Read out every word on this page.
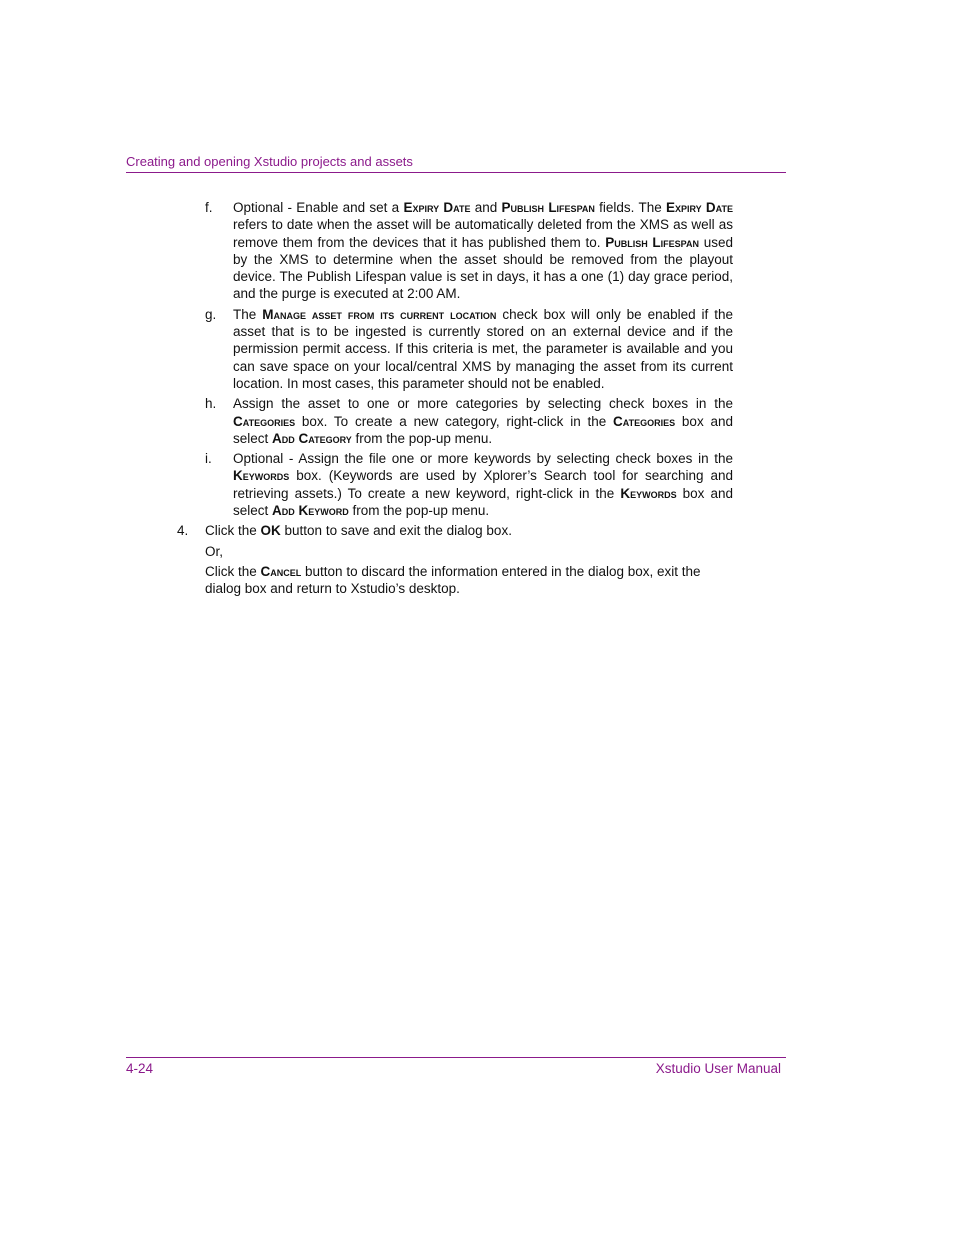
Creating and opening Xstudio projects and assets
f. Optional - Enable and set a Expiry Date and Publish Lifespan fields. The Expiry Date refers to date when the asset will be automatically deleted from the XMS as well as remove them from the devices that it has published them to. Publish Lifespan used by the XMS to determine when the asset should be removed from the playout device. The Publish Lifespan value is set in days, it has a one (1) day grace period, and the purge is executed at 2:00 AM.
g. The Manage asset from its current location check box will only be enabled if the asset that is to be ingested is currently stored on an external device and if the permission permit access. If this criteria is met, the parameter is available and you can save space on your local/central XMS by managing the asset from its current location. In most cases, this parameter should not be enabled.
h. Assign the asset to one or more categories by selecting check boxes in the Categories box. To create a new category, right-click in the Categories box and select Add Category from the pop-up menu.
i. Optional - Assign the file one or more keywords by selecting check boxes in the Keywords box. (Keywords are used by Xplorer’s Search tool for searching and retrieving assets.) To create a new keyword, right-click in the Keywords box and select Add Keyword from the pop-up menu.
4. Click the OK button to save and exit the dialog box.
Or,
Click the Cancel button to discard the information entered in the dialog box, exit the dialog box and return to Xstudio’s desktop.
4-24	Xstudio User Manual
